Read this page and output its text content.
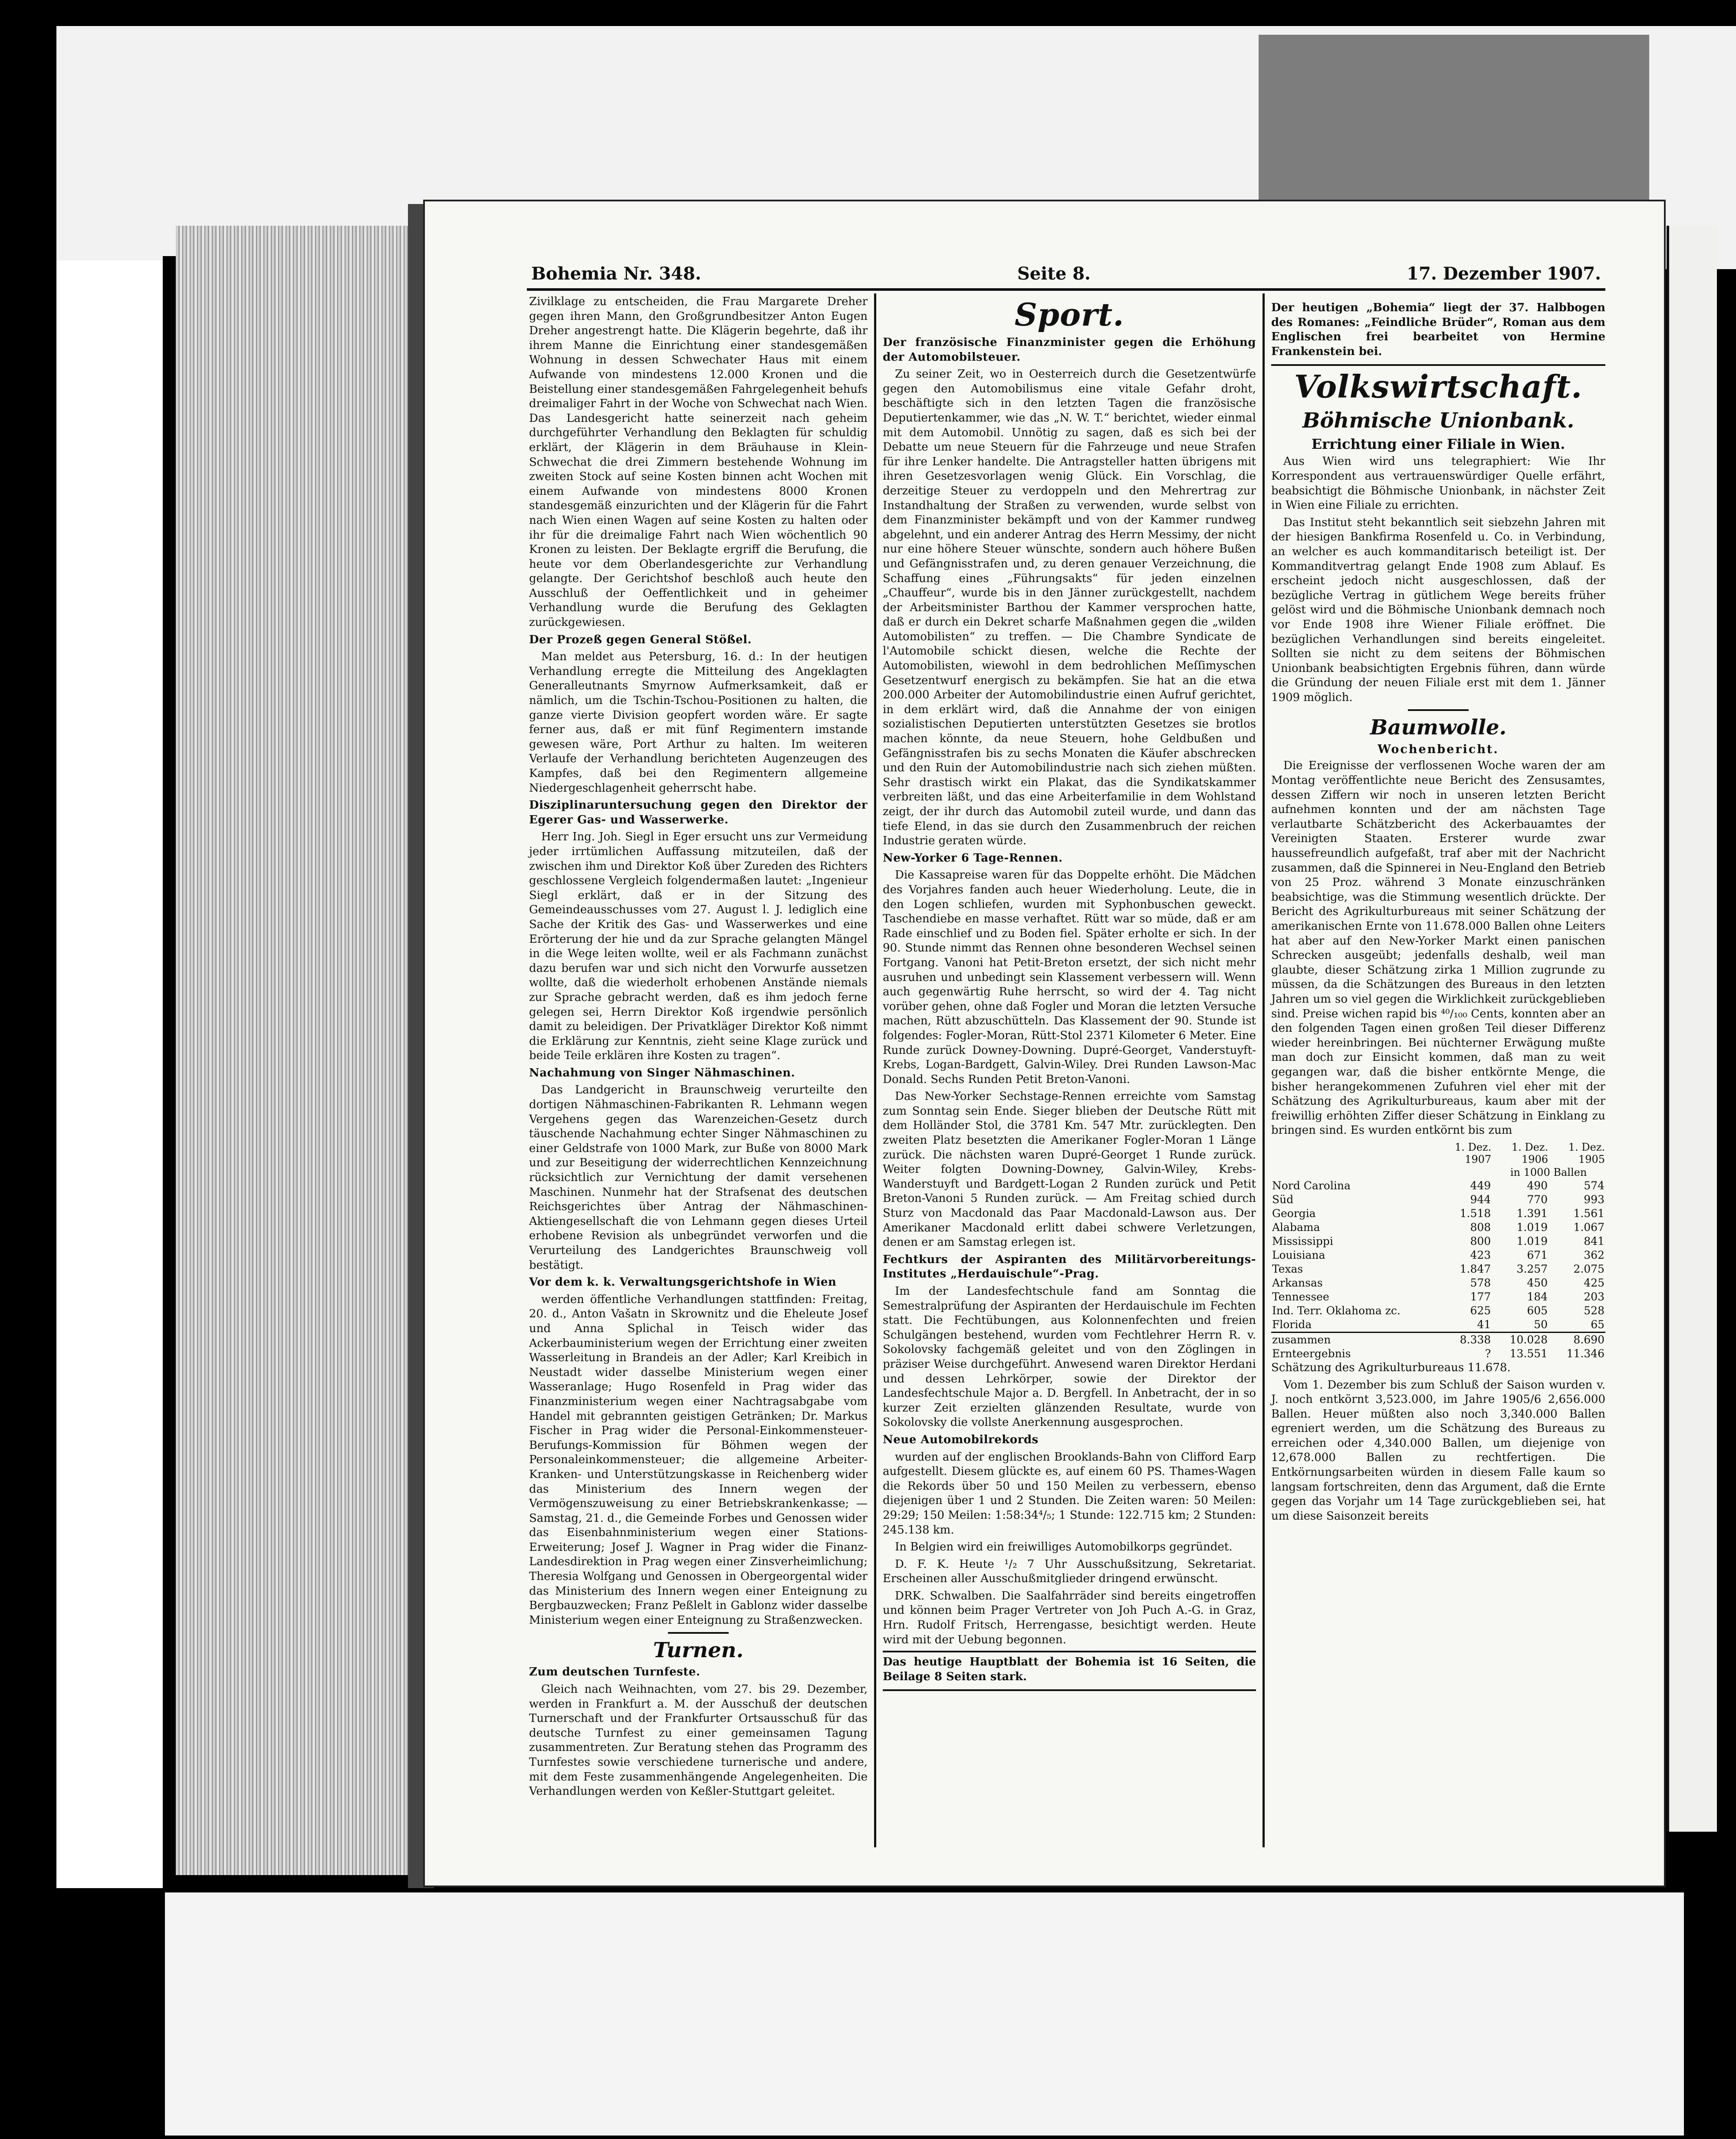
Bohemia Nr. 348.	Seite 8.	17. Dezember 1907.

Zivilklage zu entscheiden, die Frau Margarete Dreher gegen ihren Mann, den Großgrundbesitzer Anton Eugen Dreher angestrengt hatte. Die Klägerin begehrte, daß ihr ihrem Manne die Einrichtung einer standesgemäßen Wohnung in dessen Schwechater Haus mit einem Aufwande von mindestens 12.000 Kronen und die Beistellung einer standesgemäßen Fahrgelegenheit behufs dreimaliger Fahrt in der Woche von Schwechat nach Wien. Das Landesgericht hatte seinerzeit nach geheim durchgeführter Verhandlung den Beklagten für schuldig erklärt, der Klägerin in dem Bräuhause in Klein-Schwechat die drei Zimmern bestehende Wohnung im zweiten Stock auf seine Kosten binnen acht Wochen mit einem Aufwande von mindestens 8000 Kronen standesgemäß einzurichten und der Klägerin für die Fahrt nach Wien einen Wagen auf seine Kosten zu halten oder ihr für die dreimalige Fahrt nach Wien wöchentlich 90 Kronen zu leisten. Der Beklagte ergriff die Berufung, die heute vor dem Oberlandesgerichte zur Verhandlung gelangte. Der Gerichtshof beschloß auch heute den Ausschluß der Oeffentlichkeit und in geheimer Verhandlung wurde die Berufung des Geklagten zurückgewiesen.

Der Prozeß gegen General Stößel.

Man meldet aus Petersburg, 16. d.: In der heutigen Verhandlung erregte die Mitteilung des Angeklagten Generalleutnants Smyrnow Aufmerksamkeit, daß er nämlich, um die Tschin-Tschou-Positionen zu halten, die ganze vierte Division geopfert worden wäre. Er sagte ferner aus, daß er mit fünf Regimentern imstande gewesen wäre, Port Arthur zu halten. Im weiteren Verlaufe der Verhandlung berichteten Augenzeugen des Kampfes, daß bei den Regimentern allgemeine Niedergeschlagenheit geherrscht habe.

Disziplinaruntersuchung gegen den Direktor der Egerer Gas- und Wasserwerke.

Herr Ing. Joh. Siegl in Eger ersucht uns zur Vermeidung jeder irrtümlichen Auffassung mitzuteilen, daß der zwischen ihm und Direktor Koß über Zureden des Richters geschlossene Vergleich folgendermaßen lautet: „Ingenieur Siegl erklärt, daß er in der Sitzung des Gemeindeausschusses vom 27. August l. J. lediglich eine Sache der Kritik des Gas- und Wasserwerkes und eine Erörterung der hie und da zur Sprache gelangten Mängel in die Wege leiten wollte, weil er als Fachmann zunächst dazu berufen war und sich nicht den Vorwurfe aussetzen wollte, daß die wiederholt erhobenen Anstände niemals zur Sprache gebracht werden, daß es ihm jedoch ferne gelegen sei, Herrn Direktor Koß irgendwie persönlich damit zu beleidigen. Der Privatkläger Direktor Koß nimmt die Erklärung zur Kenntnis, zieht seine Klage zurück und beide Teile erklären ihre Kosten zu tragen“.

Nachahmung von Singer Nähmaschinen.

Das Landgericht in Braunschweig verurteilte den dortigen Nähmaschinen-Fabrikanten R. Lehmann wegen Vergehens gegen das Warenzeichen-Gesetz durch täuschende Nachahmung echter Singer Nähmaschinen zu einer Geldstrafe von 1000 Mark, zur Buße von 8000 Mark und zur Beseitigung der widerrechtlichen Kennzeichnung rücksichtlich zur Vernichtung der damit versehenen Maschinen. Nunmehr hat der Strafsenat des deutschen Reichsgerichtes über Antrag der Nähmaschinen-Aktiengesellschaft die von Lehmann gegen dieses Urteil erhobene Revision als unbegründet verworfen und die Verurteilung des Landgerichtes Braunschweig voll bestätigt.

Vor dem k. k. Verwaltungsgerichtshofe in Wien

werden öffentliche Verhandlungen stattfinden: Freitag, 20. d., Anton Vašatn in Skrownitz und die Eheleute Josef und Anna Splichal in Teisch wider das Ackerbauministerium wegen der Errichtung einer zweiten Wasserleitung in Brandeis an der Adler; Karl Kreibich in Neustadt wider dasselbe Ministerium wegen einer Wasseranlage; Hugo Rosenfeld in Prag wider das Finanzministerium wegen einer Nachtragsabgabe vom Handel mit gebrannten geistigen Getränken; Dr. Markus Fischer in Prag wider die Personal-Einkommensteuer-Berufungs-Kommission für Böhmen wegen der Personaleinkommensteuer; die allgemeine Arbeiter-Kranken- und Unterstützungskasse in Reichenberg wider das Ministerium des Innern wegen der Vermögenszuweisung zu einer Betriebskrankenkasse; — Samstag, 21. d., die Gemeinde Forbes und Genossen wider das Eisenbahnministerium wegen einer Stations-Erweiterung; Josef J. Wagner in Prag wider die Finanz-Landesdirektion in Prag wegen einer Zinsverheimlichung; Theresia Wolfgang und Genossen in Obergeorgental wider das Ministerium des Innern wegen einer Enteignung zu Bergbauzwecken; Franz Peßlelt in Gablonz wider dasselbe Ministerium wegen einer Enteignung zu Straßenzwecken.

Turnen.

Zum deutschen Turnfeste.

Gleich nach Weihnachten, vom 27. bis 29. Dezember, werden in Frankfurt a. M. der Ausschuß der deutschen Turnerschaft und der Frankfurter Ortsausschuß für das deutsche Turnfest zu einer gemeinsamen Tagung zusammentreten. Zur Beratung stehen das Programm des Turnfestes sowie verschiedene turnerische und andere, mit dem Feste zusammenhängende Angelegenheiten. Die Verhandlungen werden von Keßler-Stuttgart geleitet.

Sport.

Der französische Finanzminister gegen die Erhöhung der Automobilsteuer.

Zu seiner Zeit, wo in Oesterreich durch die Gesetzentwürfe gegen den Automobilismus eine vitale Gefahr droht, beschäftigte sich in den letzten Tagen die französische Deputiertenkammer, wie das „N. W. T.“ berichtet, wieder einmal mit dem Automobil. Unnötig zu sagen, daß es sich bei der Debatte um neue Steuern für die Fahrzeuge und neue Strafen für ihre Lenker handelte. Die Antragsteller hatten übrigens mit ihren Gesetzesvorlagen wenig Glück. Ein Vorschlag, die derzeitige Steuer zu verdoppeln und den Mehrertrag zur Instandhaltung der Straßen zu verwenden, wurde selbst von dem Finanzminister bekämpft und von der Kammer rundweg abgelehnt, und ein anderer Antrag des Herrn Messimy, der nicht nur eine höhere Steuer wünschte, sondern auch höhere Bußen und Gefängnisstrafen und, zu deren genauer Verzeichnung, die Schaffung eines „Führungsakts“ für jeden einzelnen „Chauffeur“, wurde bis in den Jänner zurückgestellt, nachdem der Arbeitsminister Barthou der Kammer versprochen hatte, daß er durch ein Dekret scharfe Maßnahmen gegen die „wilden Automobilisten“ zu treffen. — Die Chambre Syndicate de l'Automobile schickt diesen, welche die Rechte der Automobilisten, wiewohl in dem bedrohlichen Meſſimyschen Gesetzentwurf energisch zu bekämpfen. Sie hat an die etwa 200.000 Arbeiter der Automobilindustrie einen Aufruf gerichtet, in dem erklärt wird, daß die Annahme der von einigen sozialistischen Deputierten unterstützten Gesetzes sie brotlos machen könnte, da neue Steuern, hohe Geldbußen und Gefängnisstrafen bis zu sechs Monaten die Käufer abschrecken und den Ruin der Automobilindustrie nach sich ziehen müßten. Sehr drastisch wirkt ein Plakat, das die Syndikatskammer verbreiten läßt, und das eine Arbeiterfamilie in dem Wohlstand zeigt, der ihr durch das Automobil zuteil wurde, und dann das tiefe Elend, in das sie durch den Zusammenbruch der reichen Industrie geraten würde.

New-Yorker 6 Tage-Rennen.

Die Kassapreise waren für das Doppelte erhöht. Die Mädchen des Vorjahres fanden auch heuer Wiederholung. Leute, die in den Logen schliefen, wurden mit Syphonbuschen geweckt. Taschendiebe en masse verhaftet. Rütt war so müde, daß er am Rade einschlief und zu Boden fiel. Später erholte er sich. In der 90. Stunde nimmt das Rennen ohne besonderen Wechsel seinen Fortgang. Vanoni hat Petit-Breton ersetzt, der sich nicht mehr ausruhen und unbedingt sein Klassement verbessern will. Wenn auch gegenwärtig Ruhe herrscht, so wird der 4. Tag nicht vorüber gehen, ohne daß Fogler und Moran die letzten Versuche machen, Rütt abzuschütteln. Das Klassement der 90. Stunde ist folgendes: Fogler-Moran, Rütt-Stol 2371 Kilometer 6 Meter. Eine Runde zurück Downey-Downing. Dupré-Georget, Vanderstuyft-Krebs, Logan-Bardgett, Galvin-Wiley. Drei Runden Lawson-Mac Donald. Sechs Runden Petit Breton-Vanoni.

Das New-Yorker Sechstage-Rennen erreichte vom Samstag zum Sonntag sein Ende. Sieger blieben der Deutsche Rütt mit dem Holländer Stol, die 3781 Km. 547 Mtr. zurücklegten. Den zweiten Platz besetzten die Amerikaner Fogler-Moran 1 Länge zurück. Die nächsten waren Dupré-Georget 1 Runde zurück. Weiter folgten Downing-Downey, Galvin-Wiley, Krebs-Wanderstuyft und Bardgett-Logan 2 Runden zurück und Petit Breton-Vanoni 5 Runden zurück. — Am Freitag schied durch Sturz von Macdonald das Paar Macdonald-Lawson aus. Der Amerikaner Macdonald erlitt dabei schwere Verletzungen, denen er am Samstag erlegen ist.

Fechtkurs der Aspiranten des Militärvorbereitungs-Institutes „Herdauischule“-Prag.

Im der Landesfechtschule fand am Sonntag die Semestralprüfung der Aspiranten der Herdauischule im Fechten statt. Die Fechtübungen, aus Kolonnenfechten und freien Schulgängen bestehend, wurden vom Fechtlehrer Herrn R. v. Sokolovsky fachgemäß geleitet und von den Zöglingen in präziser Weise durchgeführt. Anwesend waren Direktor Herdani und dessen Lehrkörper, sowie der Direktor der Landesfechtschule Major a. D. Bergfell. In Anbetracht, der in so kurzer Zeit erzielten glänzenden Resultate, wurde von Sokolovsky die vollste Anerkennung ausgesprochen.

Neue Automobilrekords

wurden auf der englischen Brooklands-Bahn von Clifford Earp aufgestellt. Diesem glückte es, auf einem 60 PS. Thames-Wagen die Rekords über 50 und 150 Meilen zu verbessern, ebenso diejenigen über 1 und 2 Stunden. Die Zeiten waren: 50 Meilen: 29:29; 150 Meilen: 1:58:34⁴/₅; 1 Stunde: 122.715 km; 2 Stunden: 245.138 km.

In Belgien wird ein freiwilliges Automobilkorps gegründet.

D. F. K. Heute ¹/₂ 7 Uhr Ausschußsitzung, Sekretariat. Erscheinen aller Ausschußmitglieder dringend erwünscht.

DRK. Schwalben. Die Saalfahrräder sind bereits eingetroffen und können beim Prager Vertreter von Joh Puch A.-G. in Graz, Hrn. Rudolf Fritsch, Herrengasse, besichtigt werden. Heute wird mit der Uebung begonnen.

Das heutige Hauptblatt der Bohemia ist 16 Seiten, die Beilage 8 Seiten stark.

Der heutigen „Bohemia“ liegt der 37. Halbbogen des Romanes: „Feindliche Brüder“, Roman aus dem Englischen frei bearbeitet von Hermine Frankenstein bei.

Volkswirtschaft.
Böhmische Unionbank.
Errichtung einer Filiale in Wien.

Aus Wien wird uns telegraphiert: Wie Ihr Korrespondent aus vertrauenswürdiger Quelle erfährt, beabsichtigt die Böhmische Unionbank, in nächster Zeit in Wien eine Filiale zu errichten.

Das Institut steht bekanntlich seit siebzehn Jahren mit der hiesigen Bankfirma Rosenfeld u. Co. in Verbindung, an welcher es auch kommanditarisch beteiligt ist. Der Kommanditvertrag gelangt Ende 1908 zum Ablauf. Es erscheint jedoch nicht ausgeschlossen, daß der bezügliche Vertrag in gütlichem Wege bereits früher gelöst wird und die Böhmische Unionbank demnach noch vor Ende 1908 ihre Wiener Filiale eröffnet. Die bezüglichen Verhandlungen sind bereits eingeleitet. Sollten sie nicht zu dem seitens der Böhmischen Unionbank beabsichtigten Ergebnis führen, dann würde die Gründung der neuen Filiale erst mit dem 1. Jänner 1909 möglich.

Baumwolle.
Wochenbericht.

Die Ereignisse der verflossenen Woche waren der am Montag veröffentlichte neue Bericht des Zensusamtes, dessen Ziffern wir noch in unseren letzten Bericht aufnehmen konnten und der am nächsten Tage verlautbarte Schätzbericht des Ackerbauamtes der Vereinigten Staaten. Ersterer wurde zwar haussefreundlich aufgefaßt, traf aber mit der Nachricht zusammen, daß die Spinnerei in Neu-England den Betrieb von 25 Proz. während 3 Monate einzuschränken beabsichtige, was die Stimmung wesentlich drückte. Der Bericht des Agrikulturbureaus mit seiner Schätzung der amerikanischen Ernte von 11.678.000 Ballen ohne Leiters hat aber auf den New-Yorker Markt einen panischen Schrecken ausgeübt; jedenfalls deshalb, weil man glaubte, dieser Schätzung zirka 1 Million zugrunde zu müssen, da die Schätzungen des Bureaus in den letzten Jahren um so viel gegen die Wirklichkeit zurückgeblieben sind. Preise wichen rapid bis ⁴⁰/₁₀₀ Cents, konnten aber an den folgenden Tagen einen großen Teil dieser Differenz wieder hereinbringen. Bei nüchterner Erwägung mußte man doch zur Einsicht kommen, daß man zu weit gegangen war, daß die bisher entkörnte Menge, die bisher herangekommenen Zufuhren viel eher mit der Schätzung des Agrikulturbureaus, kaum aber mit der freiwillig erhöhten Ziffer dieser Schätzung in Einklang zu bringen sind. Es wurden entkörnt bis zum

	1. Dez. 1907	1. Dez. 1906	1. Dez. 1905
		in 1000 Ballen	
Nord Carolina	449	490	574
Süd	944	770	993
Georgia	1.518	1.391	1.561
Alabama	808	1.019	1.067
Mississippi	800	1.019	841
Louisiana	423	671	362
Texas	1.847	3.257	2.075
Arkansas	578	450	425
Tennessee	177	184	203
Ind. Terr. Oklahoma zc.	625	605	528
Florida	41	50	65
zusammen	8.338	10.028	8.690
Ernteergebnis	?	13.551	11.346

Schätzung des Agrikulturbureaus 11.678.

Vom 1. Dezember bis zum Schluß der Saison wurden v. J. noch entkörnt 3,523.000, im Jahre 1905/6 2,656.000 Ballen. Heuer müßten also noch 3,340.000 Ballen egreniert werden, um die Schätzung des Bureaus zu erreichen oder 4,340.000 Ballen, um diejenige von 12,678.000 Ballen zu rechtfertigen. Die Entkörnungsarbeiten würden in diesem Falle kaum so langsam fortschreiten, denn das Argument, daß die Ernte gegen das Vorjahr um 14 Tage zurückgeblieben sei, hat um diese Saisonzeit bereits
